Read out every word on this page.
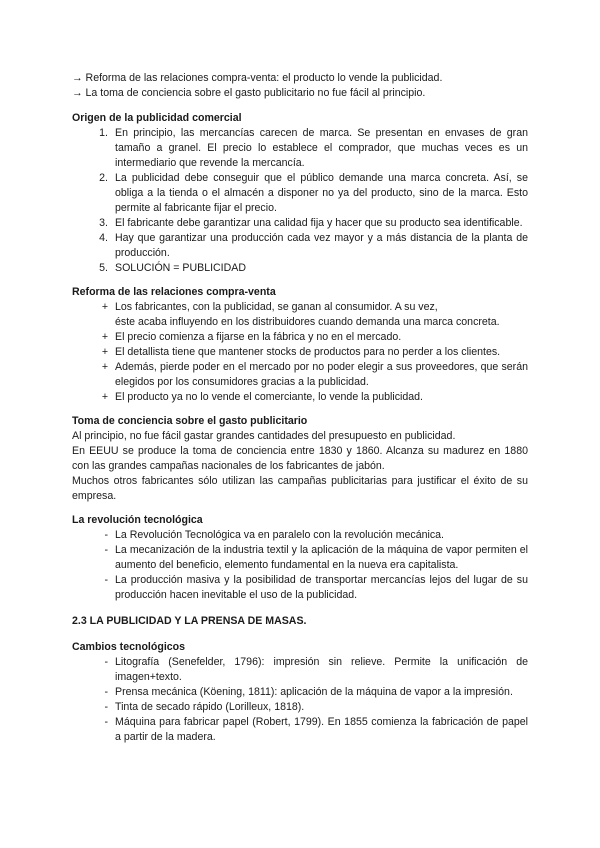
→ Reforma de las relaciones compra-venta: el producto lo vende la publicidad.

→ La toma de conciencia sobre el gasto publicitario no fue fácil al principio.

Origen de la publicidad comercial
1. En principio, las mercancías carecen de marca. Se presentan en envases de gran tamaño a granel. El precio lo establece el comprador, que muchas veces es un intermediario que revende la mercancía.
2. La publicidad debe conseguir que el público demande una marca concreta. Así, se obliga a la tienda o el almacén a disponer no ya del producto, sino de la marca. Esto permite al fabricante fijar el precio.
3. El fabricante debe garantizar una calidad fija y hacer que su producto sea identificable.
4. Hay que garantizar una producción cada vez mayor y a más distancia de la planta de producción.
5. SOLUCIÓN = PUBLICIDAD
Reforma de las relaciones compra-venta
+ Los fabricantes, con la publicidad, se ganan al consumidor. A su vez,
éste acaba influyendo en los distribuidores cuando demanda una marca concreta.
+ El precio comienza a fijarse en la fábrica y no en el mercado.
+ El detallista tiene que mantener stocks de productos para no perder a los clientes.
+ Además, pierde poder en el mercado por no poder elegir a sus proveedores, que serán elegidos por los consumidores gracias a la publicidad.
+ El producto ya no lo vende el comerciante, lo vende la publicidad.
Toma de conciencia sobre el gasto publicitario

Al principio, no fue fácil gastar grandes cantidades del presupuesto en publicidad.

En EEUU se produce la toma de conciencia entre 1830 y 1860. Alcanza su madurez en 1880 con las grandes campañas nacionales de los fabricantes de jabón.

Muchos otros fabricantes sólo utilizan las campañas publicitarias para justificar el éxito de su empresa.

La revolución tecnológica
- La Revolución Tecnológica va en paralelo con la revolución mecánica.
- La mecanización de la industria textil y la aplicación de la máquina de vapor permiten el aumento del beneficio, elemento fundamental en la nueva era capitalista.
- La producción masiva y la posibilidad de transportar mercancías lejos del lugar de su producción hacen inevitable el uso de la publicidad.
2.3 LA PUBLICIDAD Y LA PRENSA DE MASAS.
Cambios tecnológicos
- Litografía (Senefelder, 1796): impresión sin relieve. Permite la unificación de imagen+texto.
- Prensa mecánica (Köening, 1811): aplicación de la máquina de vapor a la impresión.
- Tinta de secado rápido (Lorilleux, 1818).
- Máquina para fabricar papel (Robert, 1799). En 1855 comienza la fabricación de papel a partir de la madera.
